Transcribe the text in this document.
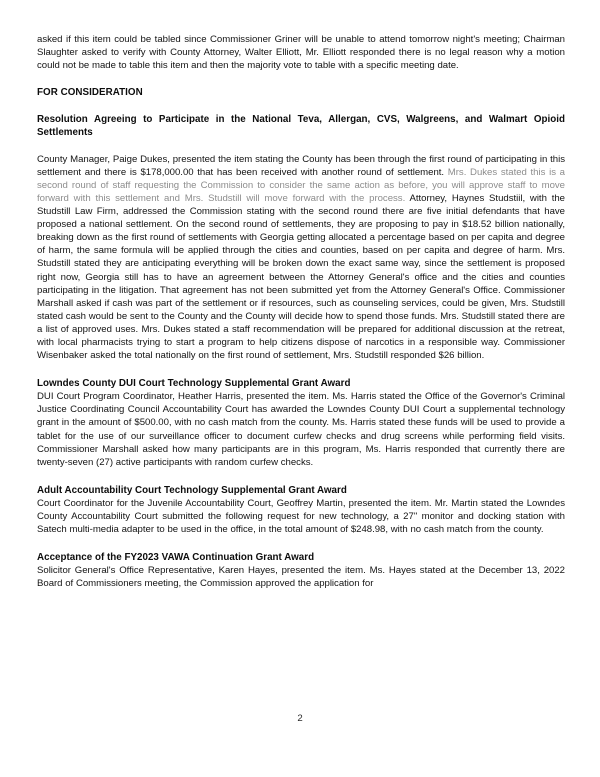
asked if this item could be tabled since Commissioner Griner will be unable to attend tomorrow night's meeting; Chairman Slaughter asked to verify with County Attorney, Walter Elliott, Mr. Elliott responded there is no legal reason why a motion could not be made to table this item and then the majority vote to table with a specific meeting date.

FOR CONSIDERATION

Resolution Agreeing to Participate in the National Teva, Allergan, CVS, Walgreens, and Walmart Opioid Settlements

County Manager, Paige Dukes, presented the item stating the County has been through the first round of participating in this settlement and there is $178,000.00 that has been received with another round of settlement. Mrs. Dukes stated this is a second round of staff requesting the Commission to consider the same action as before, you will approve staff to move forward with this settlement and Mrs. Studstill will move forward with the process. Attorney, Haynes Studstiil, with the Studstill Law Firm, addressed the Commission stating with the second round there are five initial defendants that have proposed a national settlement. On the second round of settlements, they are proposing to pay in $18.52 billion nationally, breaking down as the first round of settlements with Georgia getting allocated a percentage based on per capita and degree of harm, the same formula will be applied through the cities and counties, based on per capita and degree of harm. Mrs. Studstill stated they are anticipating everything will be broken down the exact same way, since the settlement is proposed right now, Georgia still has to have an agreement between the Attorney General's office and the cities and counties participating in the litigation. That agreement has not been submitted yet from the Attorney General's Office. Commissioner Marshall asked if cash was part of the settlement or if resources, such as counseling services, could be given, Mrs. Studstill stated cash would be sent to the County and the County will decide how to spend those funds. Mrs. Studstill stated there are a list of approved uses. Mrs. Dukes stated a staff recommendation will be prepared for additional discussion at the retreat, with local pharmacists trying to start a program to help citizens dispose of narcotics in a responsible way. Commissioner Wisenbaker asked the total nationally on the first round of settlement, Mrs. Studstill responded $26 billion.

Lowndes County DUI Court Technology Supplemental Grant Award

DUI Court Program Coordinator, Heather Harris, presented the item. Ms. Harris stated the Office of the Governor's Criminal Justice Coordinating Council Accountability Court has awarded the Lowndes County DUI Court a supplemental technology grant in the amount of $500.00, with no cash match from the county. Ms. Harris stated these funds will be used to provide a tablet for the use of our surveillance officer to document curfew checks and drug screens while performing field visits. Commissioner Marshall asked how many participants are in this program, Ms. Harris responded that currently there are twenty-seven (27) active participants with random curfew checks.

Adult Accountability Court Technology Supplemental Grant Award

Court Coordinator for the Juvenile Accountability Court, Geoffrey Martin, presented the item. Mr. Martin stated the Lowndes County Accountability Court submitted the following request for new technology, a 27" monitor and docking station with Satech multi-media adapter to be used in the office, in the total amount of $248.98, with no cash match from the county.

Acceptance of the FY2023 VAWA Continuation Grant Award

Solicitor General's Office Representative, Karen Hayes, presented the item. Ms. Hayes stated at the December 13, 2022 Board of Commissioners meeting, the Commission approved the application for

2
